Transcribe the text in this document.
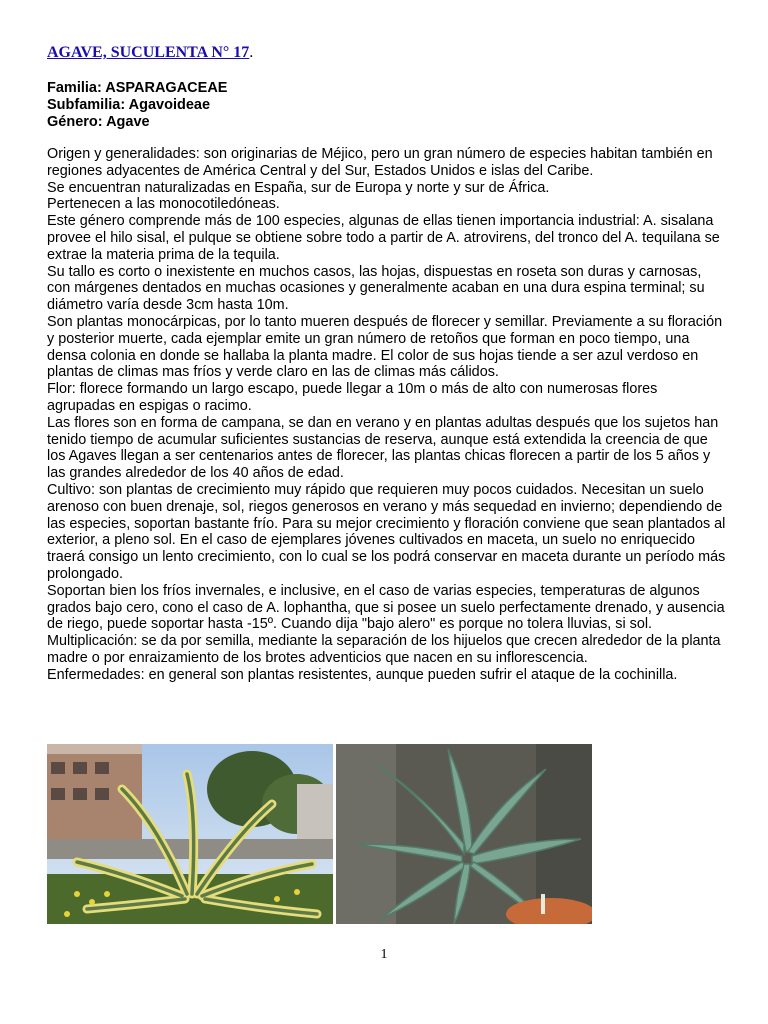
AGAVE, SUCULENTA N° 17.
Familia: ASPARAGACEAE
Subfamilia: Agavoideae
Género: Agave

Origen y generalidades: son originarias de Méjico, pero un gran número de especies habitan también en regiones adyacentes de América Central y del Sur, Estados Unidos e islas del Caribe.

Se encuentran naturalizadas en España, sur de Europa y norte y sur de África.

Pertenecen a las monocotiledóneas.

Este género comprende más de 100 especies, algunas de ellas tienen importancia industrial: A. sisalana provee el hilo sisal, el pulque se obtiene sobre todo a partir de A. atrovirens, del tronco del A. tequilana se extrae la materia prima de la tequila.

Su tallo es corto o inexistente en muchos casos, las hojas, dispuestas en roseta son duras y carnosas, con márgenes dentados en muchas ocasiones y generalmente acaban en una dura espina terminal; su diámetro varía desde 3cm hasta 10m.

Son plantas monocárpicas, por lo tanto mueren después de florecer y semillar. Previamente a su floración y posterior muerte, cada ejemplar emite un gran número de retoños que forman en poco tiempo, una densa colonia en donde se hallaba la planta madre. El color de sus hojas tiende a ser azul verdoso en plantas de climas mas fríos y verde claro en las de climas más cálidos.

Flor: florece formando un largo escapo, puede llegar a 10m o más de alto con numerosas flores agrupadas en espigas o racimo.

Las flores son en forma de campana, se dan en verano y en plantas adultas después que los sujetos han tenido tiempo de acumular suficientes sustancias de reserva, aunque está extendida la creencia de que los Agaves llegan a ser centenarios antes de florecer, las plantas chicas florecen a partir de los 5 años y las grandes alrededor de los 40 años de edad.

Cultivo: son plantas de crecimiento muy rápido que requieren muy pocos cuidados. Necesitan un suelo arenoso con buen drenaje, sol, riegos generosos en verano y más sequedad en invierno; dependiendo de las especies, soportan bastante frío. Para su mejor crecimiento y floración conviene que sean plantados al exterior, a pleno sol. En el caso de ejemplares jóvenes cultivados en maceta, un suelo no enriquecido traerá consigo un lento crecimiento, con lo cual se los podrá conservar en maceta durante un período más prolongado.

Soportan bien los fríos invernales, e inclusive, en el caso de varias especies, temperaturas de algunos grados bajo cero, cono el caso de A. lophantha, que si posee un suelo perfectamente drenado, y ausencia de riego, puede soportar hasta -15º. Cuando dija "bajo alero" es porque no tolera lluvias, si sol.

Multiplicación: se da por semilla, mediante la separación de los hijuelos que crecen alrededor de la planta madre o por enraizamiento de los brotes adventicios que nacen en su inflorescencia.

Enfermedades: en general son plantas resistentes, aunque pueden sufrir el ataque de la cochinilla.

1
